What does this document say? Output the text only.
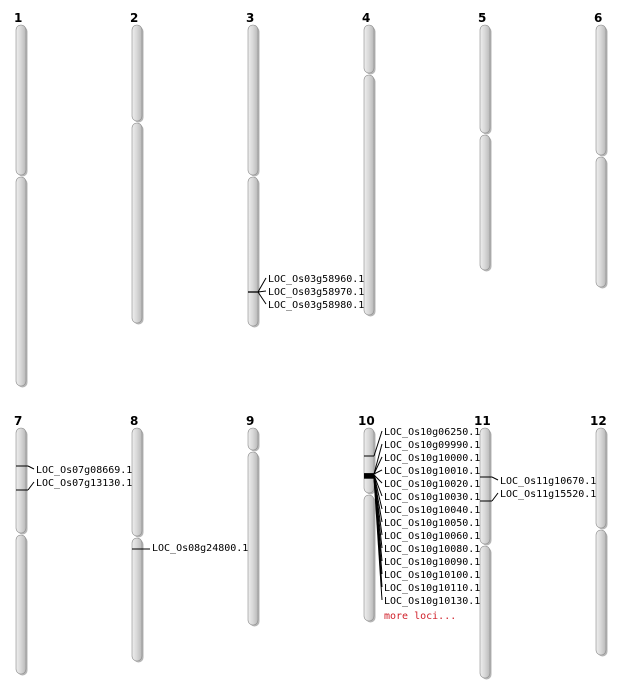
1	2	3	4	5	6
7	8	9	10	11	12
LOC_Os03g58960.1
LOC_Os03g58970.1
LOC_Os03g58980.1
LOC_Os07g08669.1
LOC_Os07g13130.1
LOC_Os08g24800.1
LOC_Os10g06250.1
LOC_Os10g09990.1
LOC_Os10g10000.1
LOC_Os10g10010.1
LOC_Os10g10020.1
LOC_Os10g10030.1
LOC_Os10g10040.1
LOC_Os10g10050.1
LOC_Os10g10060.1
LOC_Os10g10080.1
LOC_Os10g10090.1
LOC_Os10g10100.1
LOC_Os10g10110.1
LOC_Os10g10130.1
more loci...
LOC_Os11g10670.1
LOC_Os11g15520.1
